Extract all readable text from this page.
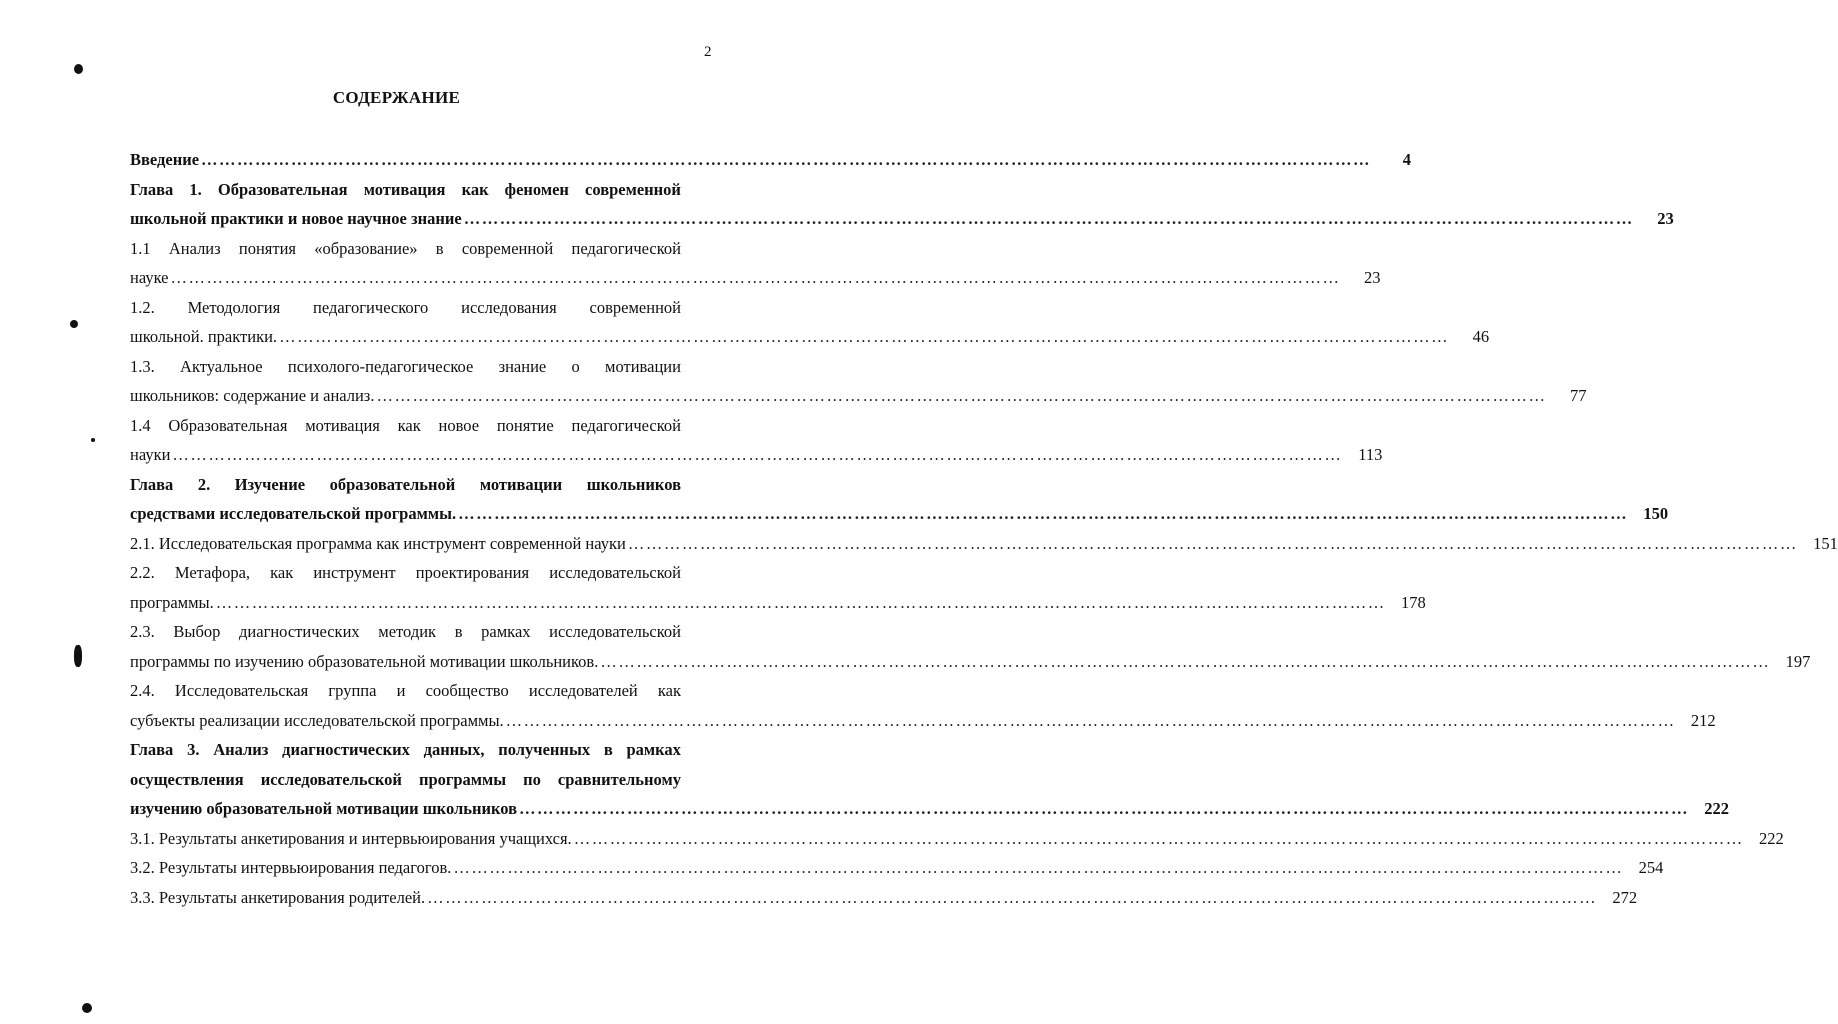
2
СОДЕРЖАНИЕ
Введение ……………………………………………………………………………………………………………………………………………………………………………	4
Глава 1. Образовательная мотивация как феномен современной
школьной практики и новое научное знание ……………………………………………………………………………………………………………………………………………………………………………	23
1.1 Анализ понятия «образование» в современной педагогической
науке ……………………………………………………………………………………………………………………………………………………………………………	23
1.2. Методология педагогического исследования современной
школьной. практики. ……………………………………………………………………………………………………………………………………………………………………………	46
1.3. Актуальное психолого-педагогическое знание о мотивации
школьников: содержание и анализ. ……………………………………………………………………………………………………………………………………………………………………………	77
1.4 Образовательная мотивация как новое понятие педагогической
науки …………………………………………………………………………………………………………………………………………………………………………… 113
Глава 2. Изучение образовательной мотивации школьников
средствами исследовательской программы. …………………………………………………………………………………………………………………………………………………………………………… 150
2.1. Исследовательская программа как инструмент современной науки …………………………………………………………………………………………………………………………………………………………………………… 151
2.2. Метафора, как инструмент проектирования исследовательской
программы. …………………………………………………………………………………………………………………………………………………………………………… 178
2.3. Выбор диагностических методик в рамках исследовательской
программы по изучению образовательной мотивации школьников. …………………………………………………………………………………………………………………………………………………………………………… 197
2.4. Исследовательская группа и сообщество исследователей как
субъекты реализации исследовательской программы. …………………………………………………………………………………………………………………………………………………………………………… 212
Глава 3. Анализ диагностических данных, полученных в рамках
осуществления исследовательской программы по сравнительному
изучению образовательной мотивации школьников …………………………………………………………………………………………………………………………………………………………………………… 222
3.1. Результаты анкетирования и интервьюирования учащихся. …………………………………………………………………………………………………………………………………………………………………………… 222
3.2. Результаты интервьюирования педагогов. …………………………………………………………………………………………………………………………………………………………………………… 254
3.3. Результаты анкетирования родителей. …………………………………………………………………………………………………………………………………………………………………………… 272
